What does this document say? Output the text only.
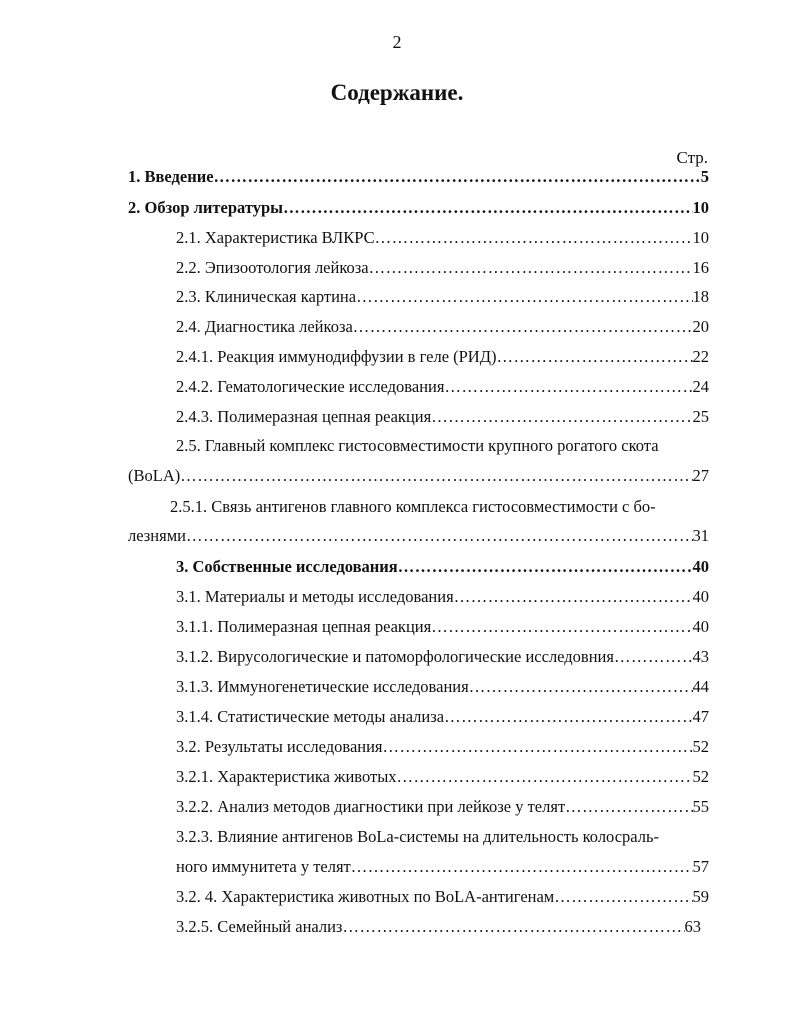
2
Содержание.
Стр.
1. Введение …………………………………………………………………………………………………………………………………………………………………………	5
2. Обзор литературы …………………………………………………………………………………………………………………………………………………………………………	10
2.1. Характеристика ВЛКРС …………………………………………………………………………………………………………………………………………………………………………	10
2.2. Эпизоотология лейкоза …………………………………………………………………………………………………………………………………………………………………………	16
2.3. Клиническая картина …………………………………………………………………………………………………………………………………………………………………………	18
2.4. Диагностика лейкоза …………………………………………………………………………………………………………………………………………………………………………	20
2.4.1. Реакция иммунодиффузии в геле (РИД) …………………………………………………………………………………………………………………………………………………………………………	22
2.4.2. Гематологические исследования …………………………………………………………………………………………………………………………………………………………………………	24
2.4.3. Полимеразная цепная реакция …………………………………………………………………………………………………………………………………………………………………………	25
2.5. Главный комплекс гистосовместимости крупного рогатого скота
(BoLA) …………………………………………………………………………………………………………………………………………………………………………	27
2.5.1. Связь антигенов главного комплекса гистосовместимости с бо-
лезнями …………………………………………………………………………………………………………………………………………………………………………	31
3. Собственные исследования …………………………………………………………………………………………………………………………………………………………………………	40
3.1. Материалы и методы исследования …………………………………………………………………………………………………………………………………………………………………………	40
3.1.1. Полимеразная цепная реакция …………………………………………………………………………………………………………………………………………………………………………	40
3.1.2. Вирусологические и патоморфологические исследовния …………………………………………………………………………………………………………………………………………………………………………	43
3.1.3. Иммуногенетические исследования …………………………………………………………………………………………………………………………………………………………………………	44
3.1.4. Статистические методы анализа …………………………………………………………………………………………………………………………………………………………………………	47
3.2. Результаты исследования …………………………………………………………………………………………………………………………………………………………………………	52
3.2.1. Характеристика животых …………………………………………………………………………………………………………………………………………………………………………	52
3.2.2. Анализ методов диагностики при лейкозе у телят …………………………………………………………………………………………………………………………………………………………………………	55
3.2.3. Влияние антигенов BoLa-системы на длительность колосраль-
ного иммунитета у телят …………………………………………………………………………………………………………………………………………………………………………	57
3.2. 4. Характеристика животных по BoLA-антигенам …………………………………………………………………………………………………………………………………………………………………………	59
3.2.5. Семейный анализ …………………………………………………………………………………………………………………………………………………………………………	63
